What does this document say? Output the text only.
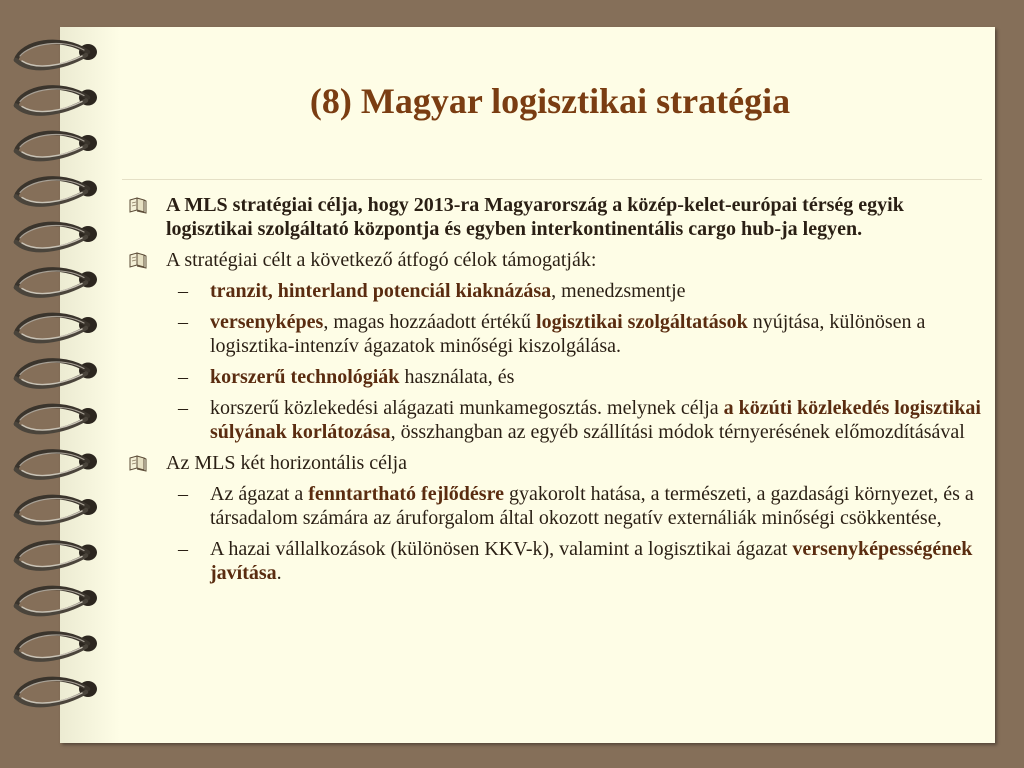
(8) Magyar logisztikai stratégia
A MLS stratégiai célja, hogy 2013-ra Magyarország a közép-kelet-európai térség egyik logisztikai szolgáltató központja és egyben interkontinentális cargo hub-ja legyen.
A stratégiai célt a következő átfogó célok támogatják:
– tranzit, hinterland potenciál kiaknázása, menedzsmentje
– versenyképes, magas hozzáadott értékű logisztikai szolgáltatások nyújtása, különösen a logisztika-intenzív ágazatok minőségi kiszolgálása.
– korszerű technológiák használata, és
– korszerű közlekedési alágazati munkamegosztás. melynek célja a közúti közlekedés logisztikai súlyának korlátozása, összhangban az egyéb szállítási módok térnyerésének előmozdításával
Az MLS két horizontális célja
– Az ágazat a fenntartható fejlődésre gyakorolt hatása, a természeti, a gazdasági környezet, és a társadalom számára az áruforgalom által okozott negatív externáliák minőségi csökkentése,
– A hazai vállalkozások (különösen KKV-k), valamint a logisztikai ágazat versenyképességének javítása.
